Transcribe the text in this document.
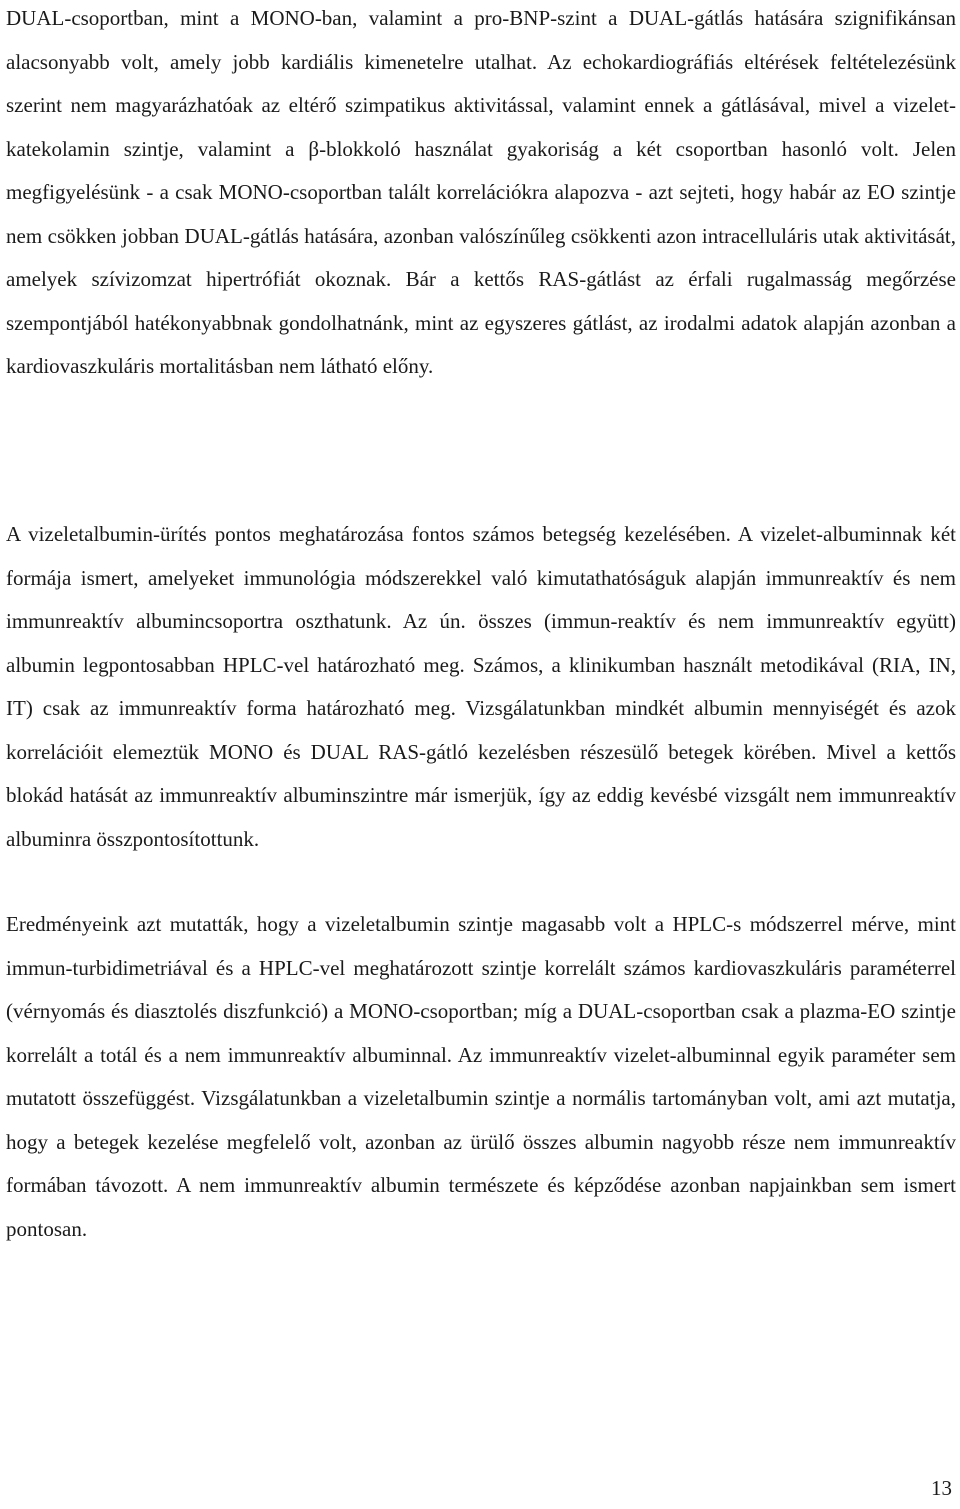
DUAL-csoportban, mint a MONO-ban, valamint a pro-BNP-szint a DUAL-gátlás hatására szignifikánsan alacsonyabb volt, amely jobb kardiális kimenetelre utalhat. Az echokardiográfiás eltérések feltételezésünk szerint nem magyarázhatóak az eltérő szimpatikus aktivitással, valamint ennek a gátlásával, mivel a vizelet-katekolamin szintje, valamint a β-blokkoló használat gyakoriság a két csoportban hasonló volt. Jelen megfigyelésünk - a csak MONO-csoportban talált korrelációkra alapozva - azt sejteti, hogy habár az EO szintje nem csökken jobban DUAL-gátlás hatására, azonban valószínűleg csökkenti azon intracelluláris utak aktivitását, amelyek szívizomzat hipertrófiát okoznak. Bár a kettős RAS-gátlást az érfali rugalmasság megőrzése szempontjából hatékonyabbnak gondolhatnánk, mint az egyszeres gátlást, az irodalmi adatok alapján azonban a kardiovaszkuláris mortalitásban nem látható előny.

A vizeletalbumin-ürítés pontos meghatározása fontos számos betegség kezelésében. A vizelet-albuminnak két formája ismert, amelyeket immunológia módszerekkel való kimutathatóságuk alapján immunreaktív és nem immunreaktív albumincsoportra oszthatunk. Az ún. összes (immun-reaktív és nem immunreaktív együtt) albumin legpontosabban HPLC-vel határozható meg. Számos, a klinikumban használt metodikával (RIA, IN, IT) csak az immunreaktív forma határozható meg. Vizsgálatunkban mindkét albumin mennyiségét és azok korrelációit elemeztük MONO és DUAL RAS-gátló kezelésben részesülő betegek körében. Mivel a kettős blokád hatását az immunreaktív albuminszintre már ismerjük, így az eddig kevésbé vizsgált nem immunreaktív albuminra összpontosítottunk.

Eredményeink azt mutatták, hogy a vizeletalbumin szintje magasabb volt a HPLC-s módszerrel mérve, mint immun-turbidimetriával és a HPLC-vel meghatározott szintje korrelált számos kardiovaszkuláris paraméterrel (vérnyomás és diasztolés diszfunkció) a MONO-csoportban; míg a DUAL-csoportban csak a plazma-EO szintje korrelált a totál és a nem immunreaktív albuminnal. Az immunreaktív vizelet-albuminnal egyik paraméter sem mutatott összefüggést. Vizsgálatunkban a vizeletalbumin szintje a normális tartományban volt, ami azt mutatja, hogy a betegek kezelése megfelelő volt, azonban az ürülő összes albumin nagyobb része nem immunreaktív formában távozott. A nem immunreaktív albumin természete és képződése azonban napjainkban sem ismert pontosan.

13
